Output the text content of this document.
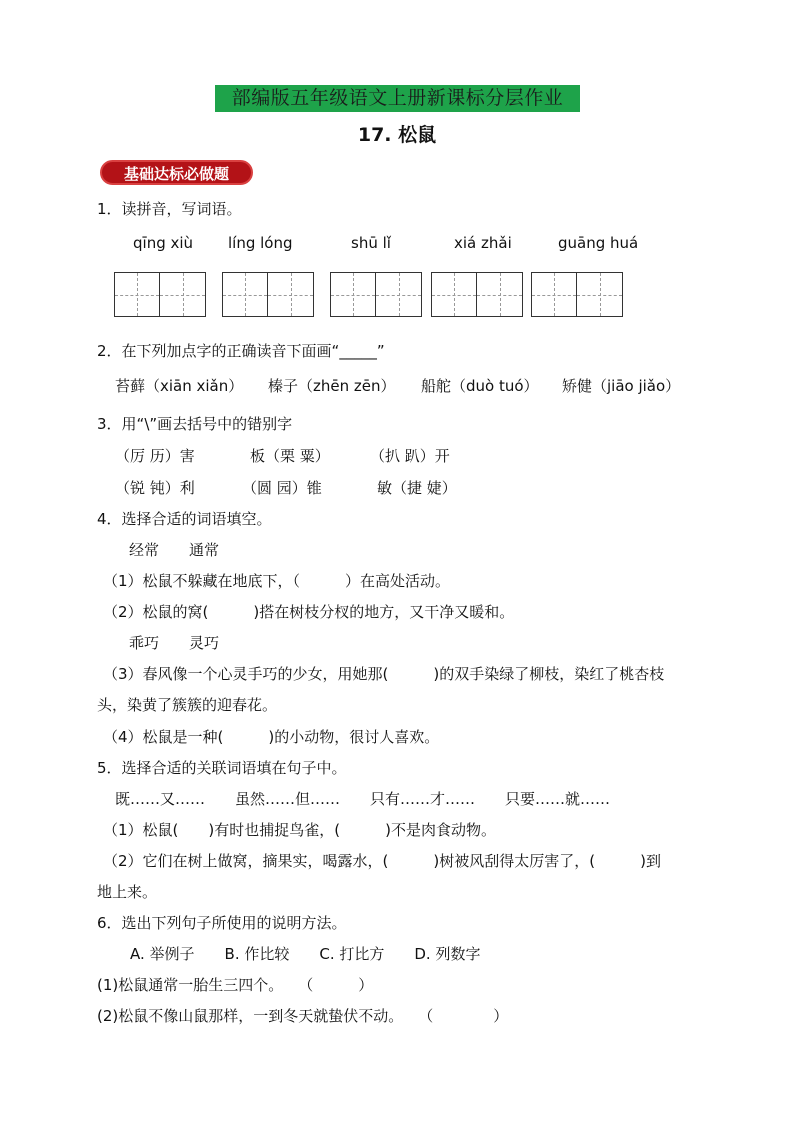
部编版五年级语文上册新课标分层作业
17. 松鼠
基础达标必做题
1．读拼音，写词语。
qīng xiù líng lóng	shū lǐ	xiá zhǎi	guāng huá
2．在下列加点字的正确读音下面画“_____”
苔藓（xiān xiǎn） 榛子（zhēn zēn） 船舵（duò tuó） 矫健（jiāo jiǎo）
3．用“\”画去括号中的错别字
（厉 历）害	板（栗 粟）	（扒 趴）开
（锐 钝）利	（圆 园）锥	敏（捷 婕）
4．选择合适的词语填空。
经常　　通常
（1）松鼠不躲藏在地底下，（　　　）在高处活动。
（2）松鼠的窝(　　　)搭在树枝分杈的地方，又干净又暖和。
乖巧　　灵巧
（3）春风像一个心灵手巧的少女，用她那(　　　)的双手染绿了柳枝，染红了桃杏枝
头，染黄了簇簇的迎春花。
（4）松鼠是一种(　　　)的小动物，很讨人喜欢。
5．选择合适的关联词语填在句子中。
既……又……　　虽然……但……　　只有……才……　　只要……就……
（1）松鼠(　　)有时也捕捉鸟雀，(　　　)不是肉食动物。
（2）它们在树上做窝，摘果实，喝露水，(　　　)树被风刮得太厉害了，(　　　)到
地上来。
6．选出下列句子所使用的说明方法。
A. 举例子　　B. 作比较　　C. 打比方　　D. 列数字
(1)松鼠通常一胎生三四个。　　（　　　）
(2)松鼠不像山鼠那样，一到冬天就蛰伏不动。　　（　　　　）
